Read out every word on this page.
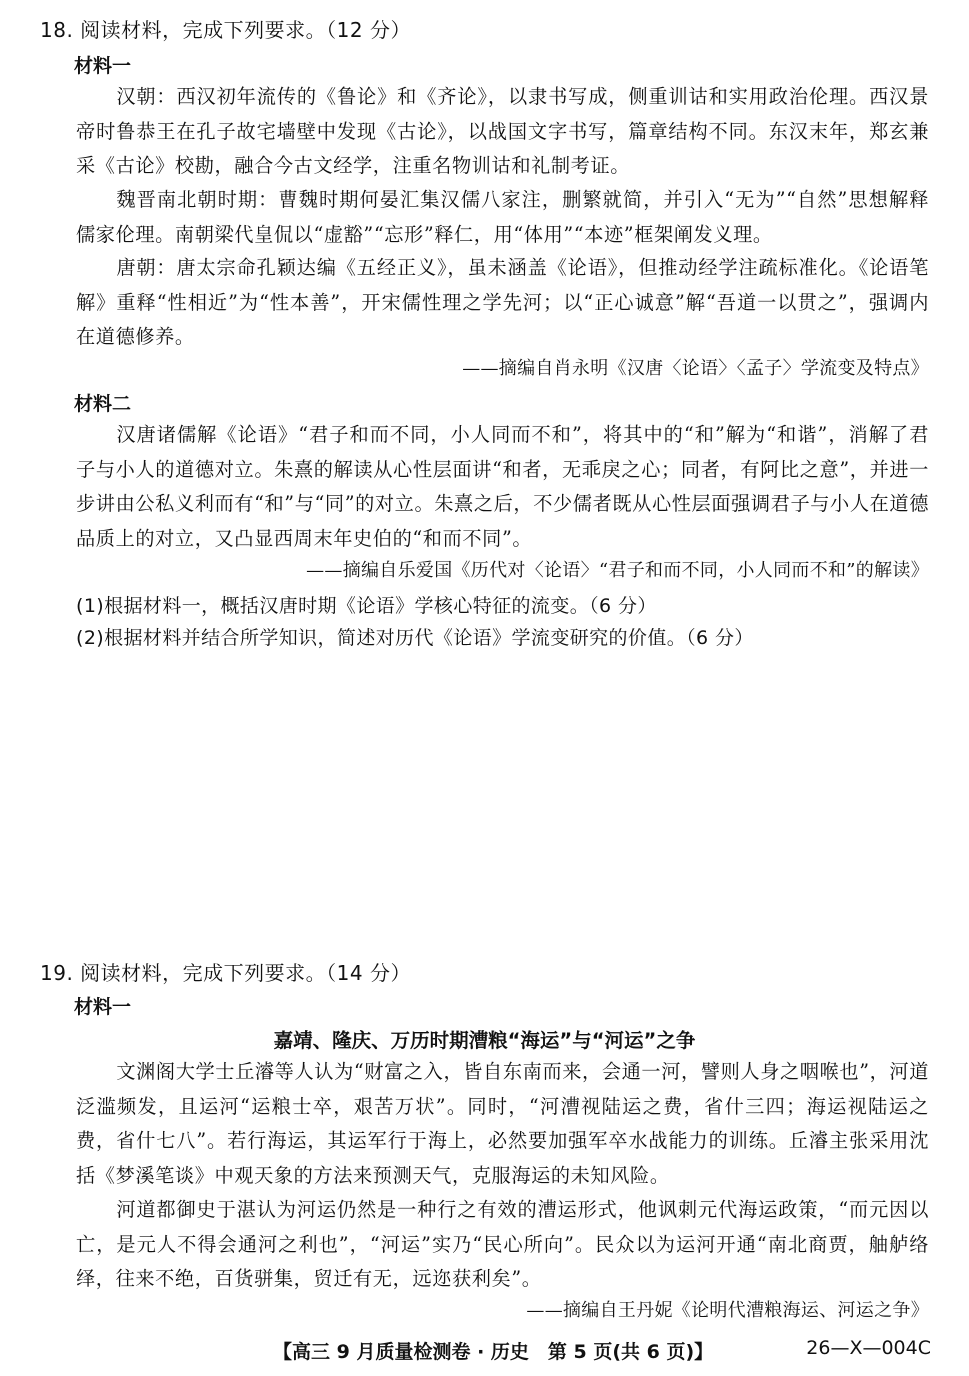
18. 阅读材料，完成下列要求。（12 分）
材料一

汉朝：西汉初年流传的《鲁论》和《齐论》，以隶书写成，侧重训诂和实用政治伦理。西汉景帝时鲁恭王在孔子故宅墙壁中发现《古论》，以战国文字书写，篇章结构不同。东汉末年，郑玄兼采《古论》校勘，融合今古文经学，注重名物训诂和礼制考证。

魏晋南北朝时期：曹魏时期何晏汇集汉儒八家注，删繁就简，并引入“无为”“自然”思想解释儒家伦理。南朝梁代皇侃以“虚豁”“忘形”释仁，用“体用”“本迹”框架阐发义理。

唐朝：唐太宗命孔颖达编《五经正义》，虽未涵盖《论语》，但推动经学注疏标准化。《论语笔解》重释“性相近”为“性本善”，开宋儒性理之学先河；以“正心诚意”解“吾道一以贯之”，强调内在道德修养。

——摘编自肖永明《汉唐〈论语〉〈孟子〉学流变及特点》
材料二

汉唐诸儒解《论语》“君子和而不同，小人同而不和”，将其中的“和”解为“和谐”，消解了君子与小人的道德对立。朱熹的解读从心性层面讲“和者，无乖戾之心；同者，有阿比之意”，并进一步讲由公私义利而有“和”与“同”的对立。朱熹之后，不少儒者既从心性层面强调君子与小人在道德品质上的对立，又凸显西周末年史伯的“和而不同”。

——摘编自乐爱国《历代对〈论语〉“君子和而不同，小人同而不和”的解读》
(1)根据材料一，概括汉唐时期《论语》学核心特征的流变。（6 分）
(2)根据材料并结合所学知识，简述对历代《论语》学流变研究的价值。（6 分）
19. 阅读材料，完成下列要求。（14 分）
材料一
嘉靖、隆庆、万历时期漕粮“海运”与“河运”之争

文渊阁大学士丘濬等人认为“财富之入，皆自东南而来，会通一河，譬则人身之咽喉也”，河道泛滥频发，且运河“运粮士卒，艰苦万状”。同时，“河漕视陆运之费，省什三四；海运视陆运之费，省什七八”。若行海运，其运军行于海上，必然要加强军卒水战能力的训练。丘濬主张采用沈括《梦溪笔谈》中观天象的方法来预测天气，克服海运的未知风险。

河道都御史于湛认为河运仍然是一种行之有效的漕运形式，他讽刺元代海运政策，“而元因以亡，是元人不得会通河之利也”，“河运”实乃“民心所向”。民众以为运河开通“南北商贾，舳舻络绎，往来不绝，百货骈集，贸迁有无，远迩获利矣”。

——摘编自王丹妮《论明代漕粮海运、河运之争》
【高三 9 月质量检测卷 · 历史　第 5 页(共 6 页)】	26—X—004C
